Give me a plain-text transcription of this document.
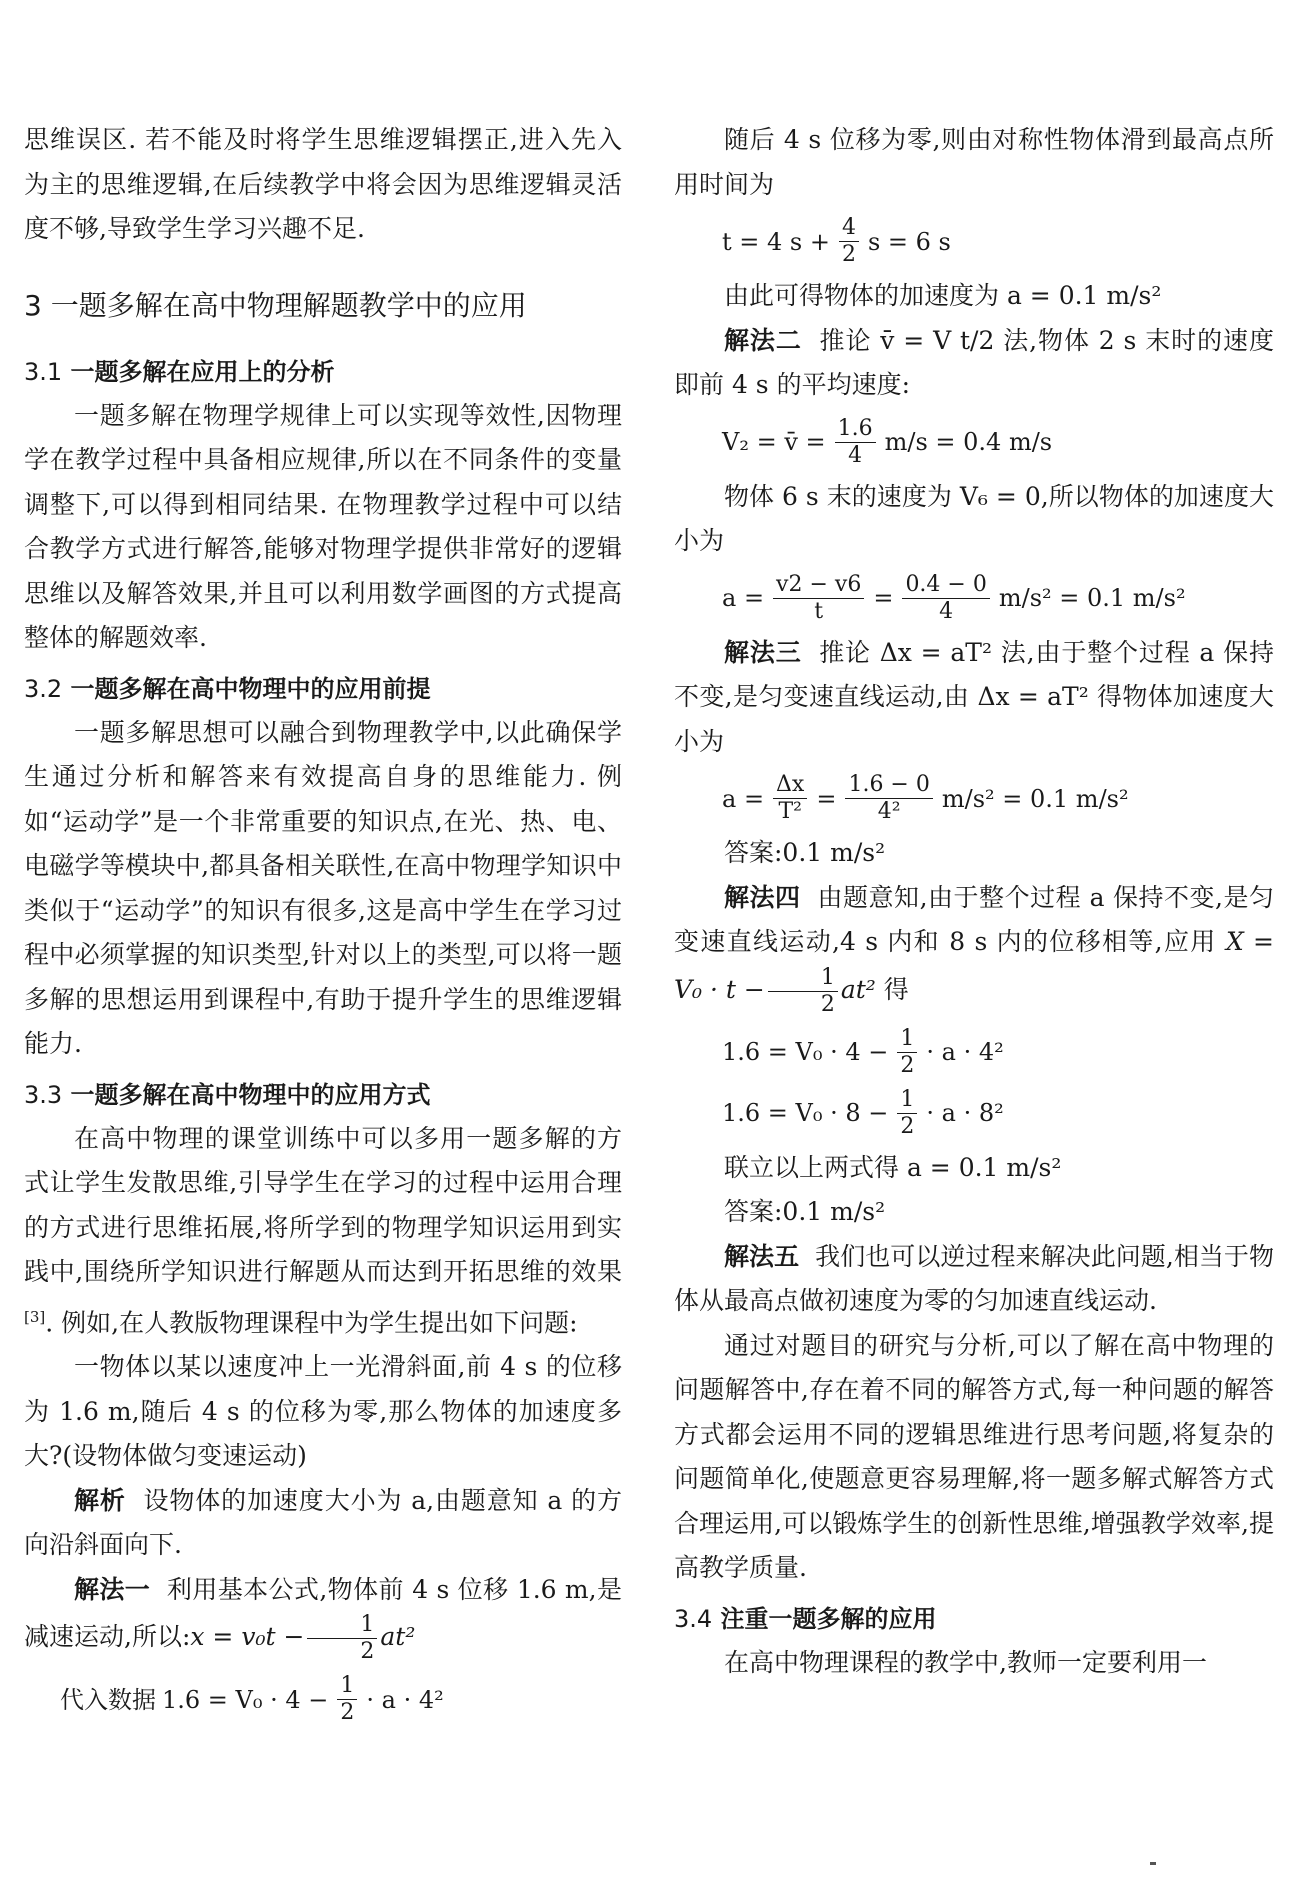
思维误区. 若不能及时将学生思维逻辑摆正,进入先入为主的思维逻辑,在后续教学中将会因为思维逻辑灵活度不够,导致学生学习兴趣不足.

3 一题多解在高中物理解题教学中的应用
3.1 一题多解在应用上的分析

一题多解在物理学规律上可以实现等效性,因物理学在教学过程中具备相应规律,所以在不同条件的变量调整下,可以得到相同结果. 在物理教学过程中可以结合教学方式进行解答,能够对物理学提供非常好的逻辑思维以及解答效果,并且可以利用数学画图的方式提高整体的解题效率.

3.2 一题多解在高中物理中的应用前提

一题多解思想可以融合到物理教学中,以此确保学生通过分析和解答来有效提高自身的思维能力. 例如“运动学”是一个非常重要的知识点,在光、热、电、电磁学等模块中,都具备相关联性,在高中物理学知识中类似于“运动学”的知识有很多,这是高中学生在学习过程中必须掌握的知识类型,针对以上的类型,可以将一题多解的思想运用到课程中,有助于提升学生的思维逻辑能力.

3.3 一题多解在高中物理中的应用方式

在高中物理的课堂训练中可以多用一题多解的方式让学生发散思维,引导学生在学习的过程中运用合理的方式进行思维拓展,将所学到的物理学知识运用到实践中,围绕所学知识进行解题从而达到开拓思维的效果[3]. 例如,在人教版物理课程中为学生提出如下问题:

一物体以某以速度冲上一光滑斜面,前 4 s 的位移为 1.6 m,随后 4 s 的位移为零,那么物体的加速度多大?(设物体做匀变速运动)

解析 设物体的加速度大小为 a,由题意知 a 的方向沿斜面向下.

解法一 利用基本公式,物体前 4 s 位移 1.6 m,是减速运动,所以:x = $v_0t - \frac{1}{2} at^2$

代入数据 $1.6 = V_0 \cdot 4 - \frac{1}{2} \cdot a \cdot 4^2$

随后 4 s 位移为零,则由对称性物体滑到最高点所用时间为

t = 4 $s + \frac{4}{2}$ s = 6 s

由此可得物体的加速度为 a = 0.1 m/s²

解法二 推论 v̄ = V t/2 法,物体 2 s 末时的速度即前 4 s 的平均速度:

V₂ = v̄ = $\frac{1.6}{4} m/s = 0.4$ m/s

物体 6 s 末的速度为 V₆ = 0,所以物体的加速度大小为

$a = \frac{v2 - v6}{t} = \frac{0.4 - 0}{4} m/s^2 = 0.1$ m/s²

解法三 推论 Δx = aT² 法,由于整个过程 a 保持不变,是匀变速直线运动,由 Δx = aT² 得物体加速度大小为

$a = \frac{\Delta x}{\text{T²}} = \frac{1.6 - 0}{\text{4²}} m/s^2 = 0.1$ m/s²

答案:0.1 m/s²

解法四 由题意知,由于整个过程 a 保持不变,是匀变速直线运动,4 s 内和 8 s 内的位移相等,应用 $X = V_0 \cdot t - \frac{1}{2} at^2$ 得

$1.6 = V_0 \cdot 4 - \frac{1}{2} \cdot a \cdot 4^2$
$1.6 = V_0 \cdot 8 - \frac{1}{2} \cdot a \cdot 8^2$

联立以上两式得 a = 0.1 m/s²

答案:0.1 m/s²

解法五 我们也可以逆过程来解决此问题,相当于物体从最高点做初速度为零的匀加速直线运动.

通过对题目的研究与分析,可以了解在高中物理的问题解答中,存在着不同的解答方式,每一种问题的解答方式都会运用不同的逻辑思维进行思考问题,将复杂的问题简单化,使题意更容易理解,将一题多解式解答方式合理运用,可以锻炼学生的创新性思维,增强教学效率,提高教学质量.

3.4 注重一题多解的应用

在高中物理课程的教学中,教师一定要利用一
